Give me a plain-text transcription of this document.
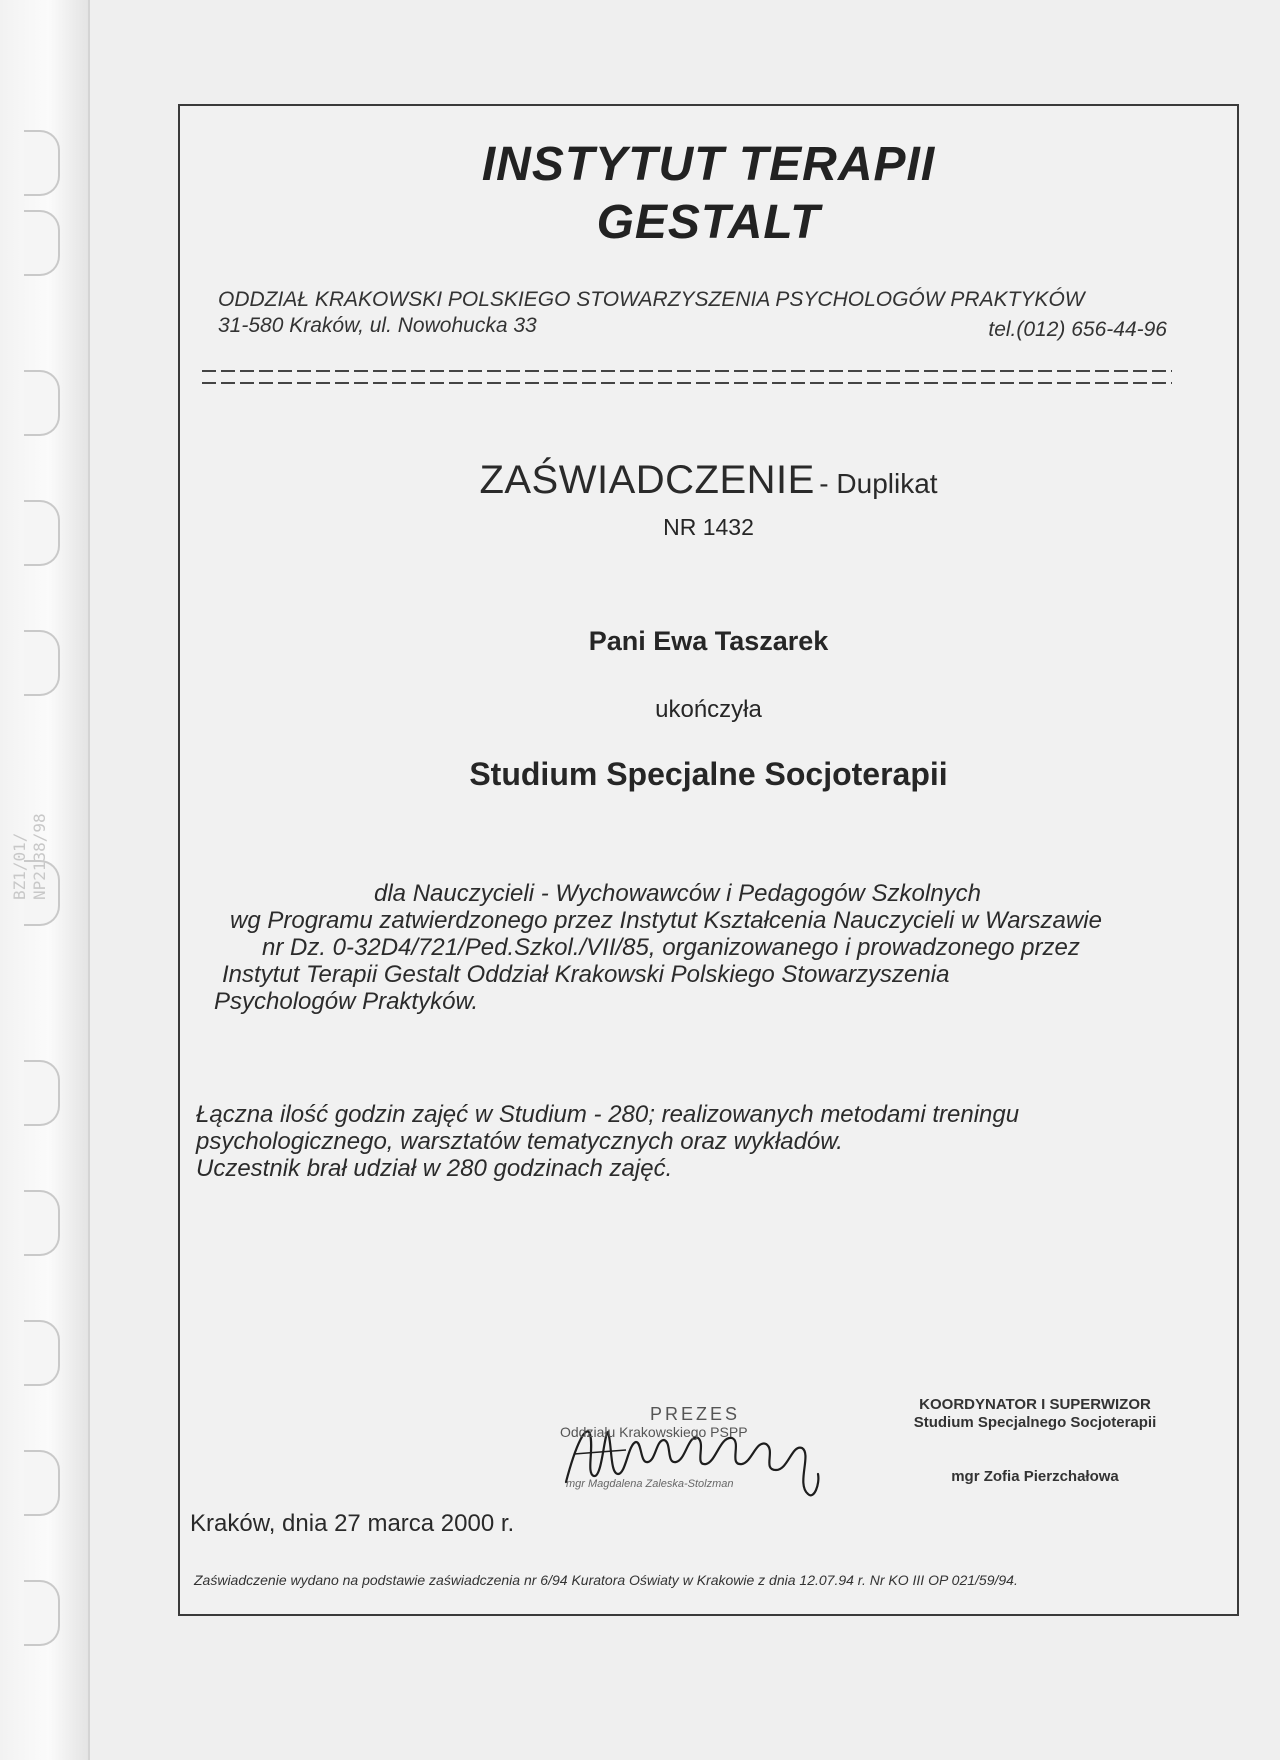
BZ1/01/ NP2138/98
INSTYTUT TERAPII
GESTALT
ODDZIAŁ KRAKOWSKI POLSKIEGO STOWARZYSZENIA PSYCHOLOGÓW PRAKTYKÓW
31-580 Kraków, ul. Nowohucka 33	tel.(012) 656-44-96
ZAŚWIADCZENIE - Duplikat
NR 1432
Pani Ewa Taszarek
ukończyła
Studium Specjalne Socjoterapii
dla Nauczycieli - Wychowawców i Pedagogów Szkolnych
wg Programu zatwierdzonego przez Instytut Kształcenia Nauczycieli w Warszawie
nr Dz. 0-32D4/721/Ped.Szkol./VII/85, organizowanego i prowadzonego przez
Instytut Terapii Gestalt Oddział Krakowski Polskiego Stowarzyszenia
Psychologów Praktyków.
Łączna ilość godzin zajęć w Studium - 280; realizowanych metodami treningu
psychologicznego, warsztatów tematycznych oraz wykładów.
Uczestnik brał udział w 280 godzinach zajęć.
PREZES
Oddziału Krakowskiego PSPP
mgr Magdalena Zaleska-Stolzman
KOORDYNATOR I SUPERWIZOR
Studium Specjalnego Socjoterapii
mgr Zofia Pierzchałowa
Kraków, dnia 27 marca 2000 r.
Zaświadczenie wydano na podstawie zaświadczenia nr 6/94 Kuratora Oświaty w Krakowie z dnia 12.07.94 r. Nr KO III OP 021/59/94.
